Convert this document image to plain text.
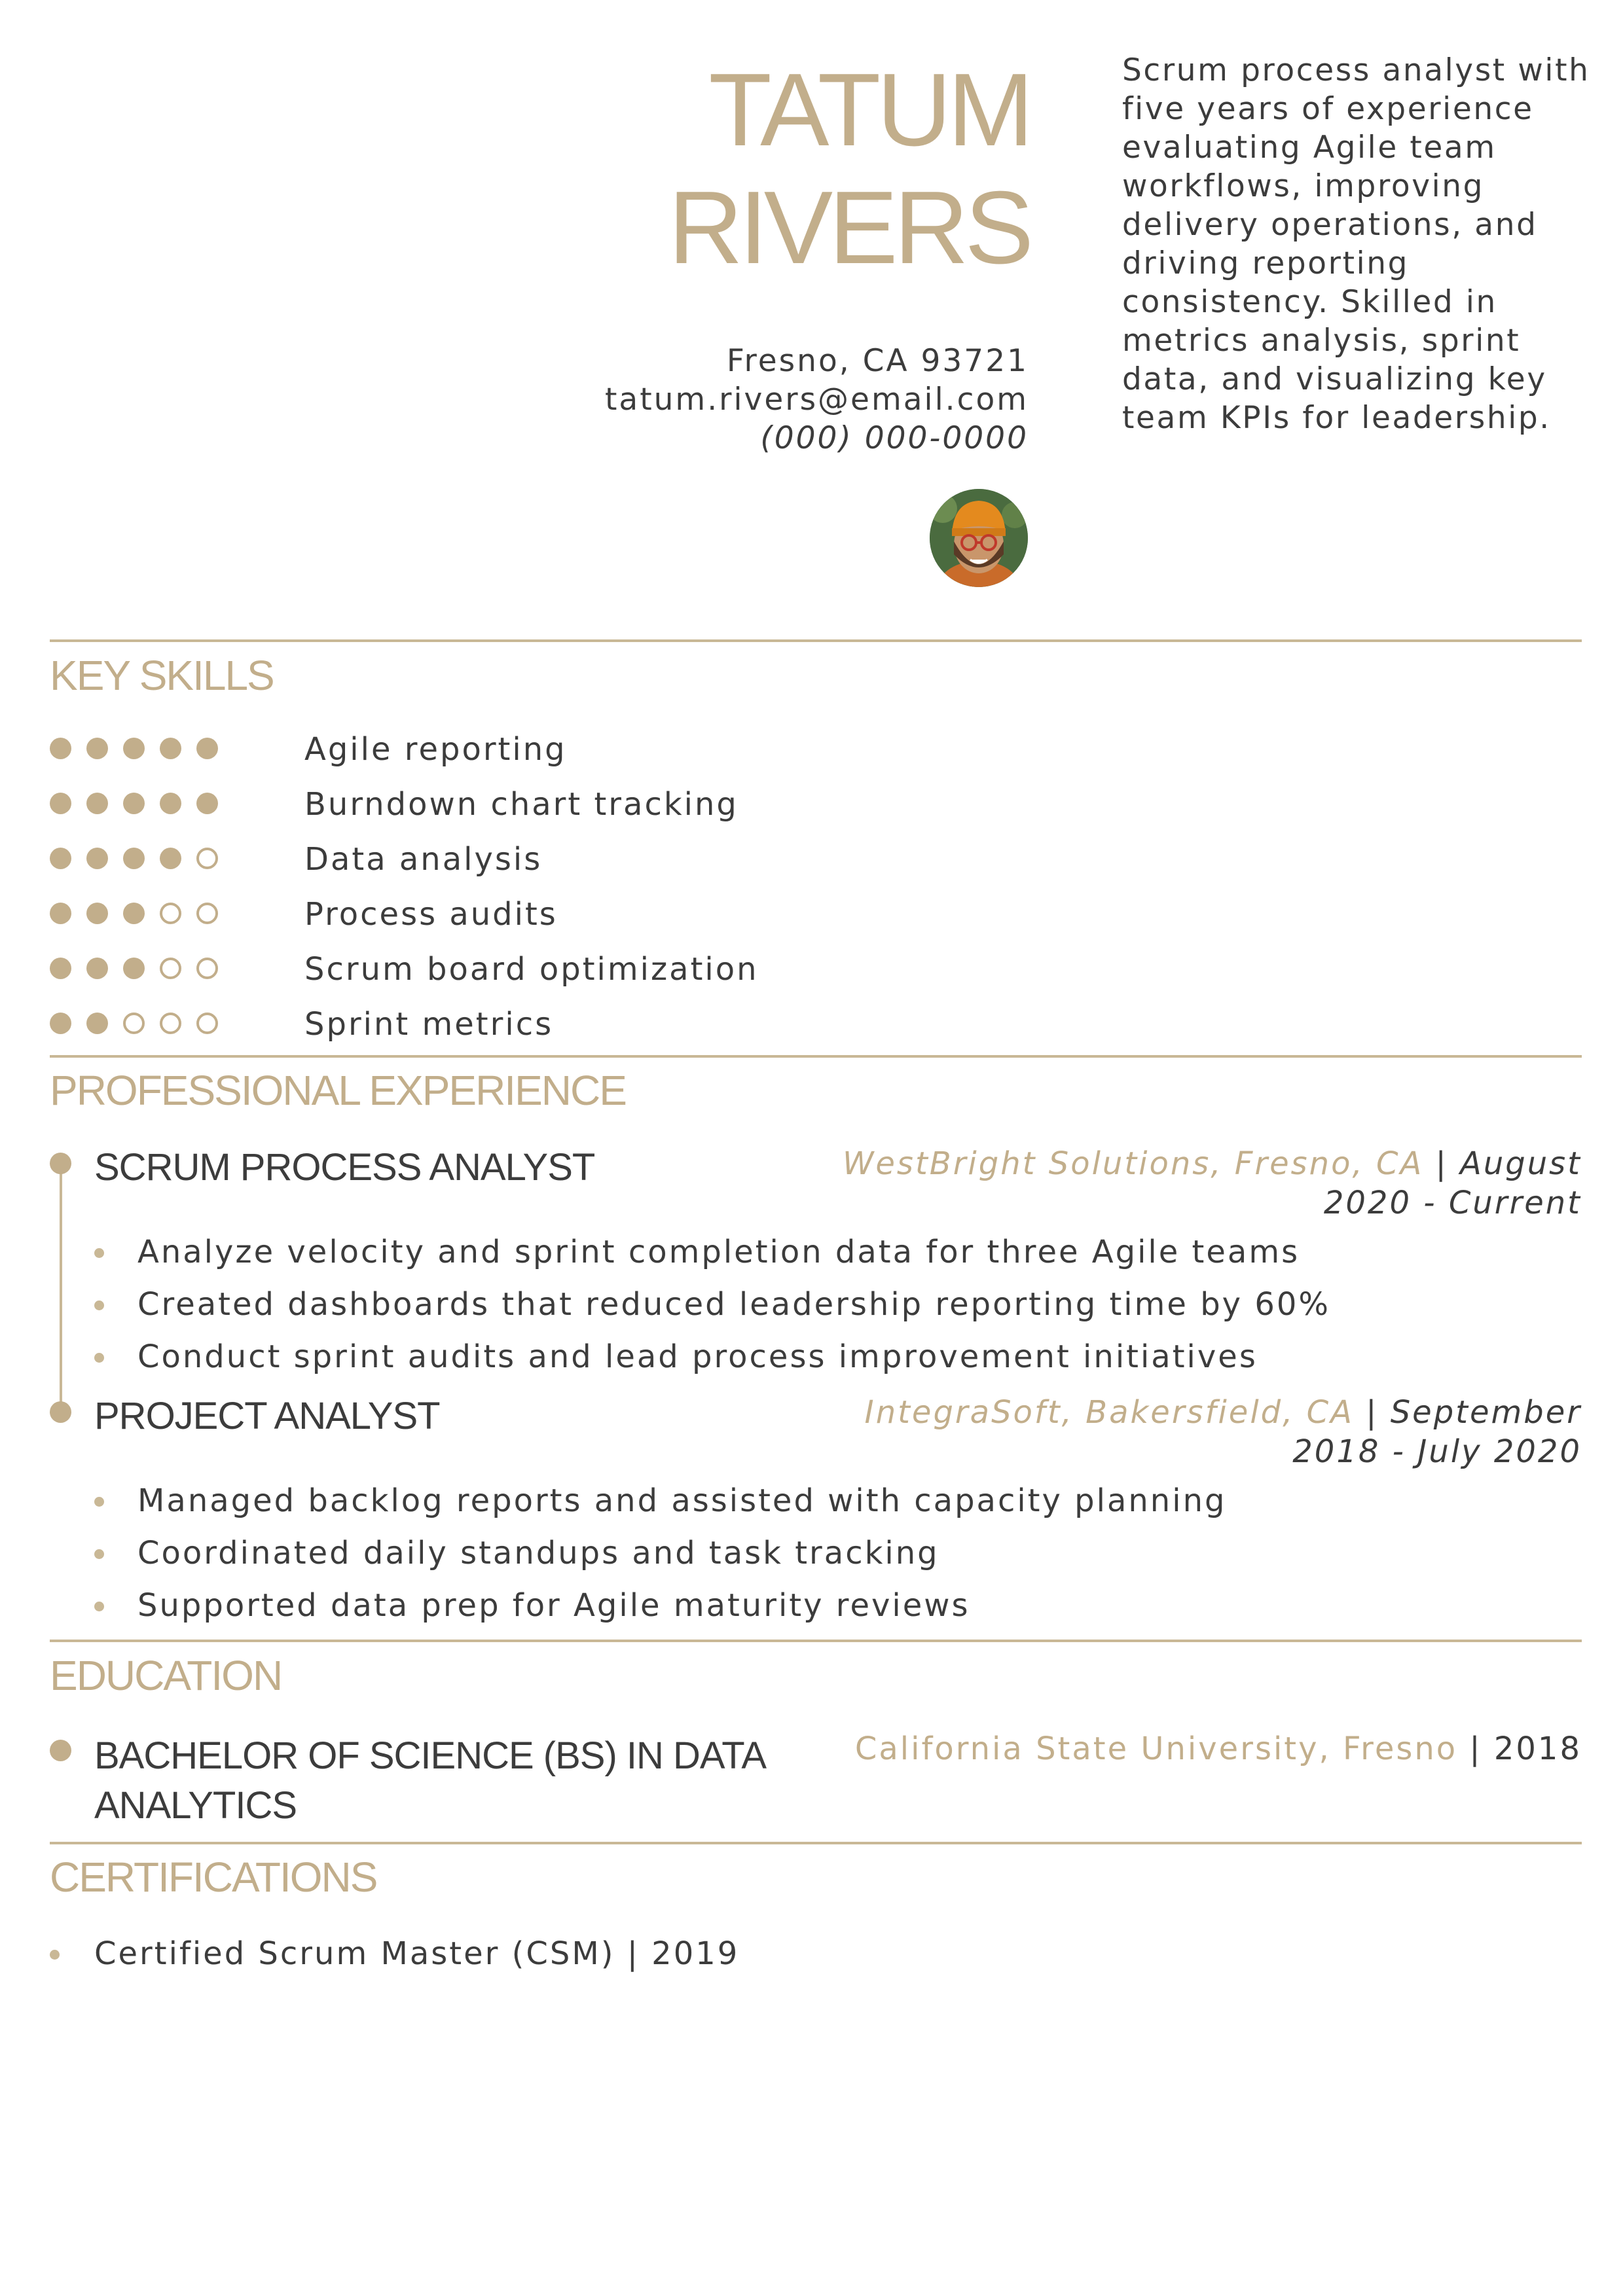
TATUM
RIVERS
Fresno, CA 93721
tatum.rivers@email.com
(000) 000-0000

Scrum process analyst with five years of experience evaluating Agile team workflows, improving delivery operations, and driving reporting consistency. Skilled in metrics analysis, sprint data, and visualizing key team KPIs for leadership.

KEY SKILLS
Agile reporting
Burndown chart tracking
Data analysis
Process audits
Scrum board optimization
Sprint metrics
PROFESSIONAL EXPERIENCE
SCRUM PROCESS ANALYST	WestBright Solutions, Fresno, CA | August 2020 - Current
Analyze velocity and sprint completion data for three Agile teams
Created dashboards that reduced leadership reporting time by 60%
Conduct sprint audits and lead process improvement initiatives
PROJECT ANALYST	IntegraSoft, Bakersfield, CA | September 2018 - July 2020
Managed backlog reports and assisted with capacity planning
Coordinated daily standups and task tracking
Supported data prep for Agile maturity reviews
EDUCATION
BACHELOR OF SCIENCE (BS) IN DATA ANALYTICS
California State University, Fresno | 2018
CERTIFICATIONS
Certified Scrum Master (CSM) | 2019
